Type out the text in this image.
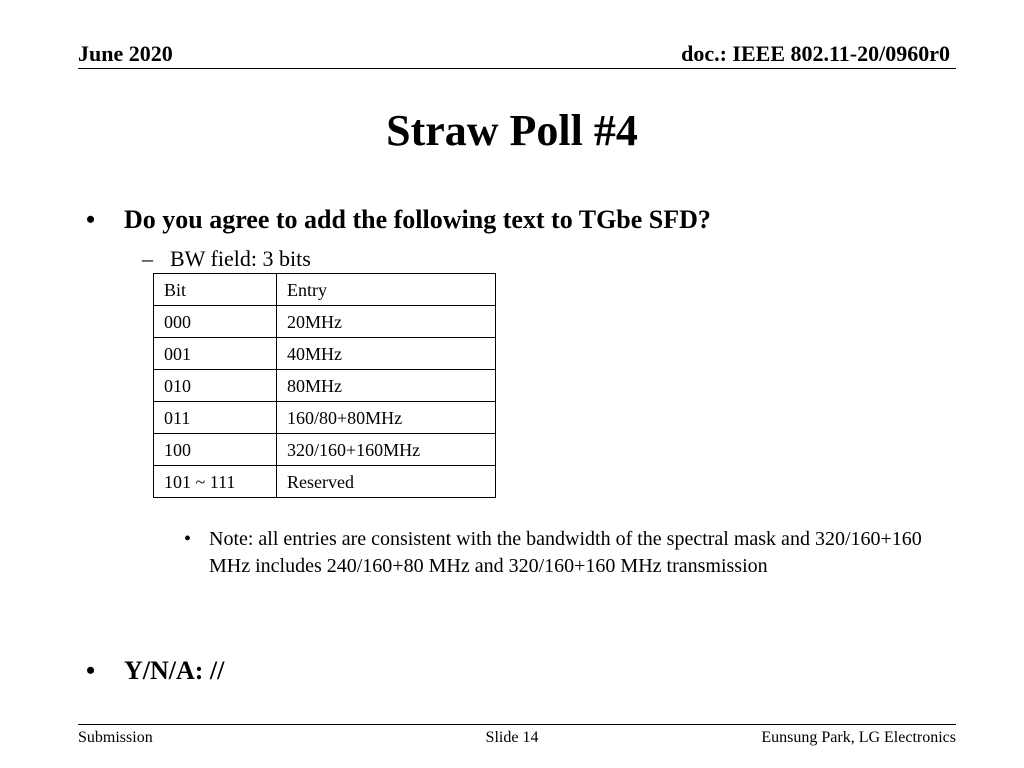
June 2020	doc.: IEEE 802.11-20/0960r0
Straw Poll #4
• Do you agree to add the following text to TGbe SFD?
– BW field: 3 bits
Bit	Entry
000	20MHz
001	40MHz
010	80MHz
011	160/80+80MHz
100	320/160+160MHz
101 ~ 111	Reserved
• Note: all entries are consistent with the bandwidth of the spectral mask and 320/160+160 MHz includes 240/160+80 MHz and 320/160+160 MHz transmission
• Y/N/A: //
Submission	Slide 14	Eunsung Park, LG Electronics
